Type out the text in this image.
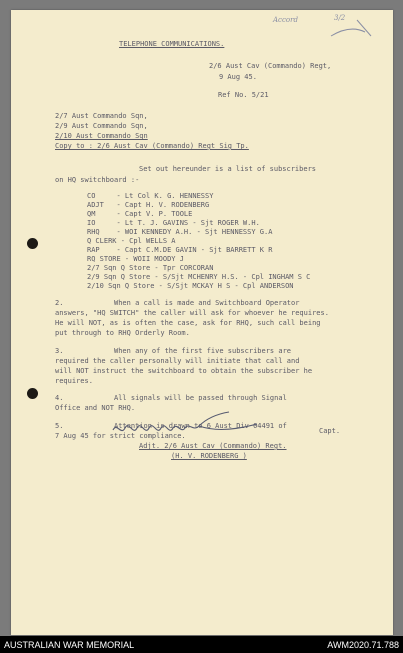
Accord	3/2
TELEPHONE COMMUNICATIONS.
2/6 Aust Cav (Commando) Regt,
9 Aug 45.
Ref No. 5/21
2/7 Aust Commando Sqn,
2/9 Aust Commando Sqn,
2/10 Aust Commando Sqn
Copy to : 2/6 Aust Cav (Commando) Regt Sig Tp.
Set out hereunder is a list of subscribers
on HQ switchboard :-
CO     - Lt Col K. G. HENNESSY
ADJT   - Capt H. V. RODENBERG
QM     - Capt V. P. TOOLE
IO     - Lt T. J. GAVINS - Sjt ROGER W.H.
RHQ    - WOI KENNEDY A.H. - Sjt HENNESSY G.A
Q CLERK - Cpl WELLS A
RAP    - Capt C.M.DE GAVIN - Sjt BARRETT K R
RQ STORE - WOII MOODY J
2/7 Sqn Q Store - Tpr CORCORAN
2/9 Sqn Q Store - S/Sjt MCHENRY H.S. - Cpl INGHAM S C
2/10 Sqn Q Store - S/Sjt MCKAY H S - Cpl ANDERSON
2.            When a call is made and Switchboard Operator
answers, "HQ SWITCH" the caller will ask for whoever he requires.
He will NOT, as is often the case, ask for RHQ, such call being
put through to RHQ Orderly Room.
3.            When any of the first five subscribers are
required the caller personally will initiate that call and
will NOT instruct the switchboard to obtain the subscriber he
requires.
4.            All signals will be passed through Signal
Office and NOT RHQ.
5.            Attention is drawn to 6 Aust Div 04491 of
7 Aug 45 for strict compliance.
Capt.
Adjt. 2/6 Aust Cav (Commando) Regt.
(H. V. RODENBERG )
AUSTRALIAN WAR MEMORIAL	AWM2020.71.788
